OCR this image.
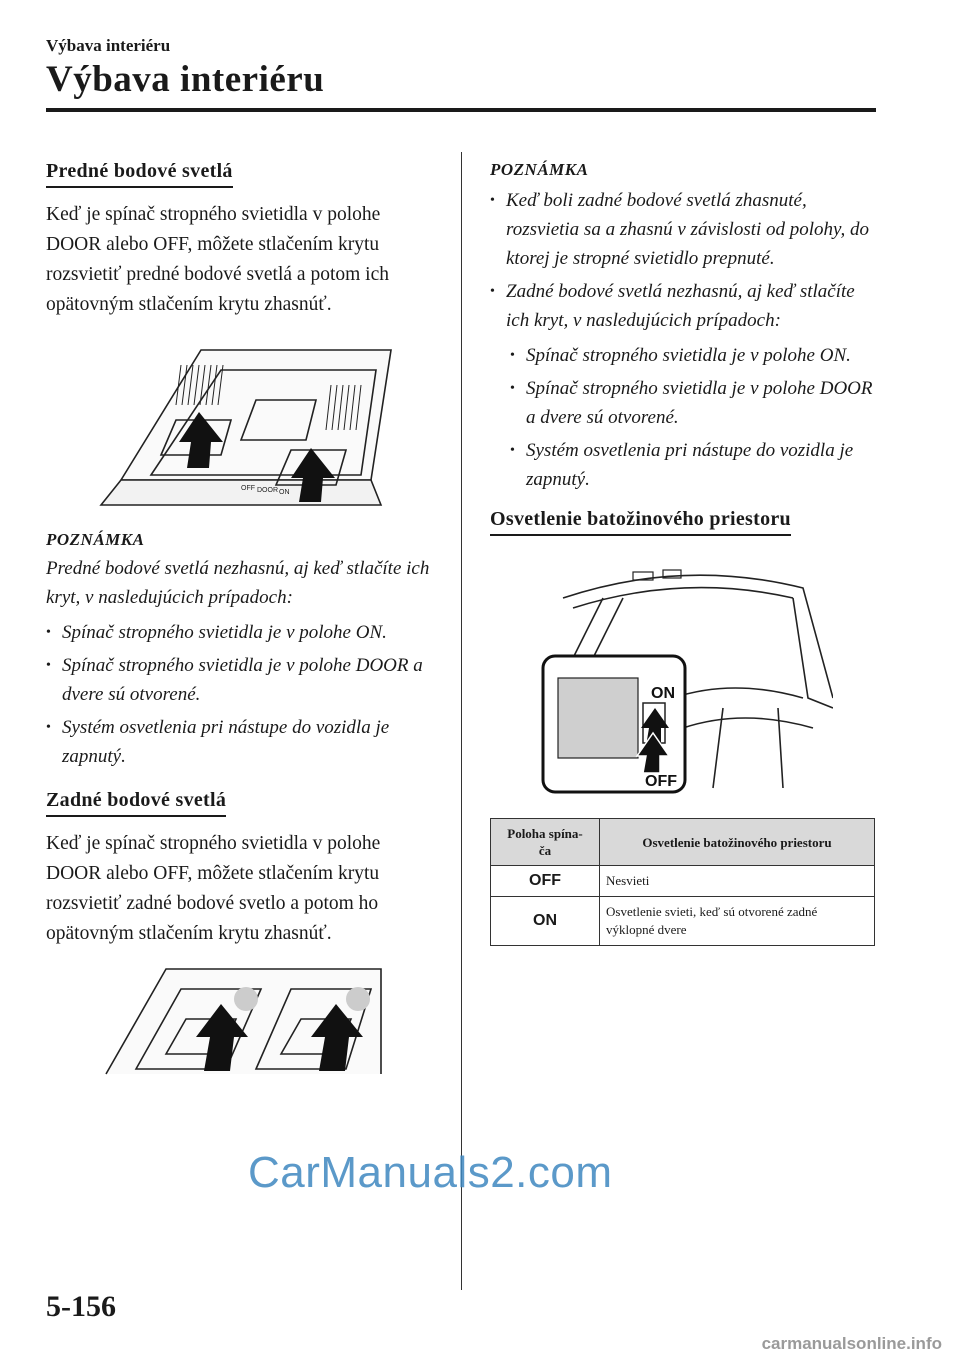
Výbava interiéru
Výbava interiéru
Predné bodové svetlá

Keď je spínač stropného svietidla v polohe DOOR alebo OFF, môžete stlačením krytu rozsvietiť predné bodové svetlá a potom ich opätovným stlačením krytu zhasnúť.

OFF DOOR ON
POZNÁMKA

Predné bodové svetlá nezhasnú, aj keď stlačíte ich kryt, v nasledujúcich prípadoch:

• Spínač stropného svietidla je v polohe ON.
• Spínač stropného svietidla je v polohe DOOR a dvere sú otvorené.
• Systém osvetlenia pri nástupe do vozidla je zapnutý.
Zadné bodové svetlá

Keď je spínač stropného svietidla v polohe DOOR alebo OFF, môžete stlačením krytu rozsvietiť zadné bodové svetlo a potom ho opätovným stlačením krytu zhasnúť.

POZNÁMKA
• Keď boli zadné bodové svetlá zhasnuté, rozsvietia sa a zhasnú v závislosti od polohy, do ktorej je stropné svietidlo prepnuté.
• Zadné bodové svetlá nezhasnú, aj keď stlačíte ich kryt, v nasledujúcich prípadoch:
• Spínač stropného svietidla je v polohe ON.
• Spínač stropného svietidla je v polohe DOOR a dvere sú otvorené.
• Systém osvetlenia pri nástupe do vozidla je zapnutý.
Osvetlenie batožinového priestoru
ON
OFF
Poloha spína-
ča	Osvetlenie batožinového priestoru
OFF	Nesvieti
ON	Osvetlenie svieti, keď sú otvorené zadné výklopné dvere
CarManuals2.com
5-156
carmanualsonline.info
